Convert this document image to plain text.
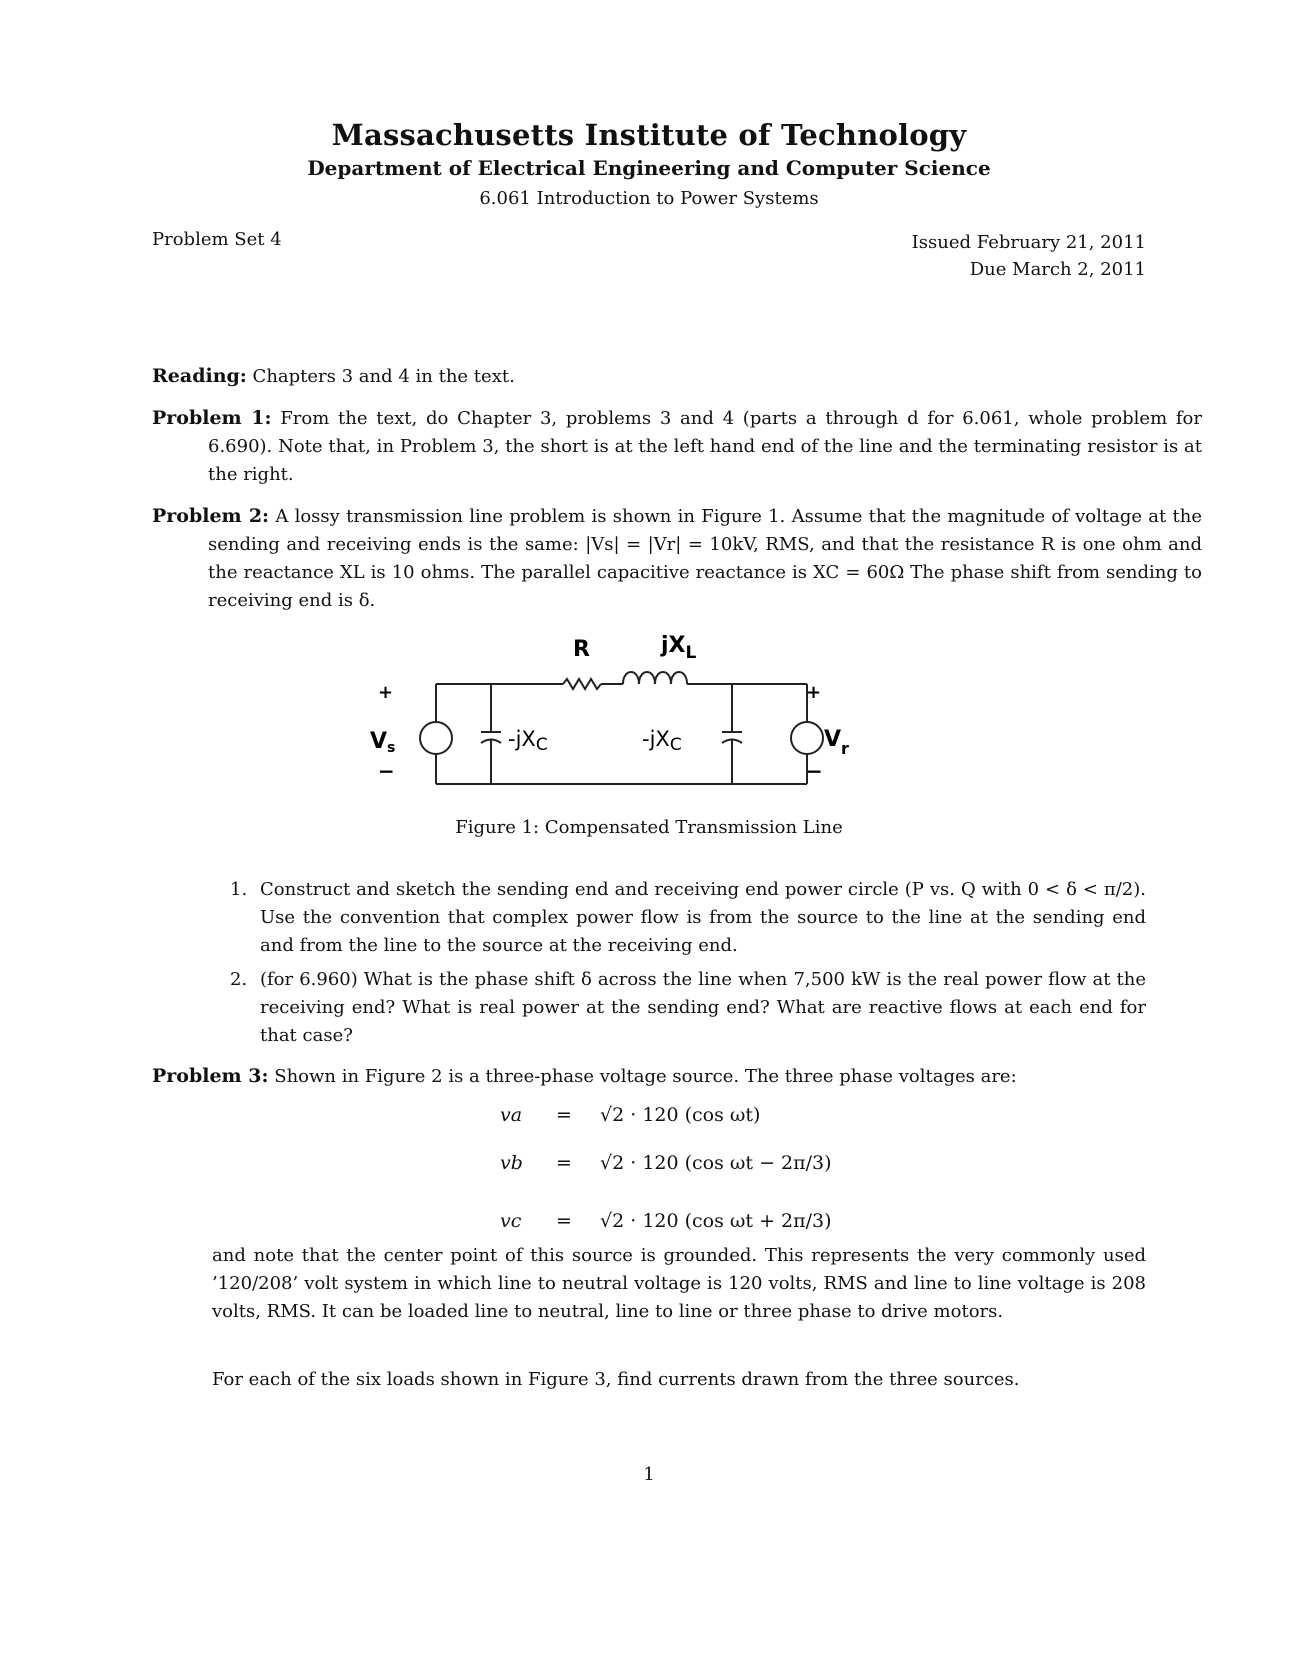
Massachusetts Institute of Technology
Department of Electrical Engineering and Computer Science
6.061 Introduction to Power Systems
Problem Set 4	Issued February 21, 2011
Due March 2, 2011
Reading: Chapters 3 and 4 in the text.
Problem 1: From the text, do Chapter 3, problems 3 and 4 (parts a through d for 6.061, whole problem for 6.690). Note that, in Problem 3, the short is at the left hand end of the line and the terminating resistor is at the right.
Problem 2: A lossy transmission line problem is shown in Figure 1. Assume that the magnitude of voltage at the sending and receiving ends is the same: |Vs| = |Vr| = 10kV, RMS, and that the resistance R is one ohm and the reactance XL is 10 ohms. The parallel capacitive reactance is XC = 60Ω The phase shift from sending to receiving end is δ.
R	$jX_L$
-jXC	-jXC
+
Vs
−
+
$V_r$
−
Figure 1: Compensated Transmission Line
1. Construct and sketch the sending end and receiving end power circle (P vs. Q with 0 < δ < π/2). Use the convention that complex power flow is from the source to the line at the sending end and from the line to the source at the receiving end.
2. (for 6.960) What is the phase shift δ across the line when 7,500 kW is the real power flow at the receiving end? What is real power at the sending end? What are reactive flows at each end for that case?
Problem 3: Shown in Figure 2 is a three-phase voltage source. The three phase voltages are:
va = √2 · 120 (cos ωt)
vb = √2 · 120 (cos ωt − 2π/3)
vc = √2 · 120 (cos ωt + 2π/3)
and note that the center point of this source is grounded. This represents the very commonly used ’120/208’ volt system in which line to neutral voltage is 120 volts, RMS and line to line voltage is 208 volts, RMS. It can be loaded line to neutral, line to line or three phase to drive motors.
For each of the six loads shown in Figure 3, find currents drawn from the three sources.
1
